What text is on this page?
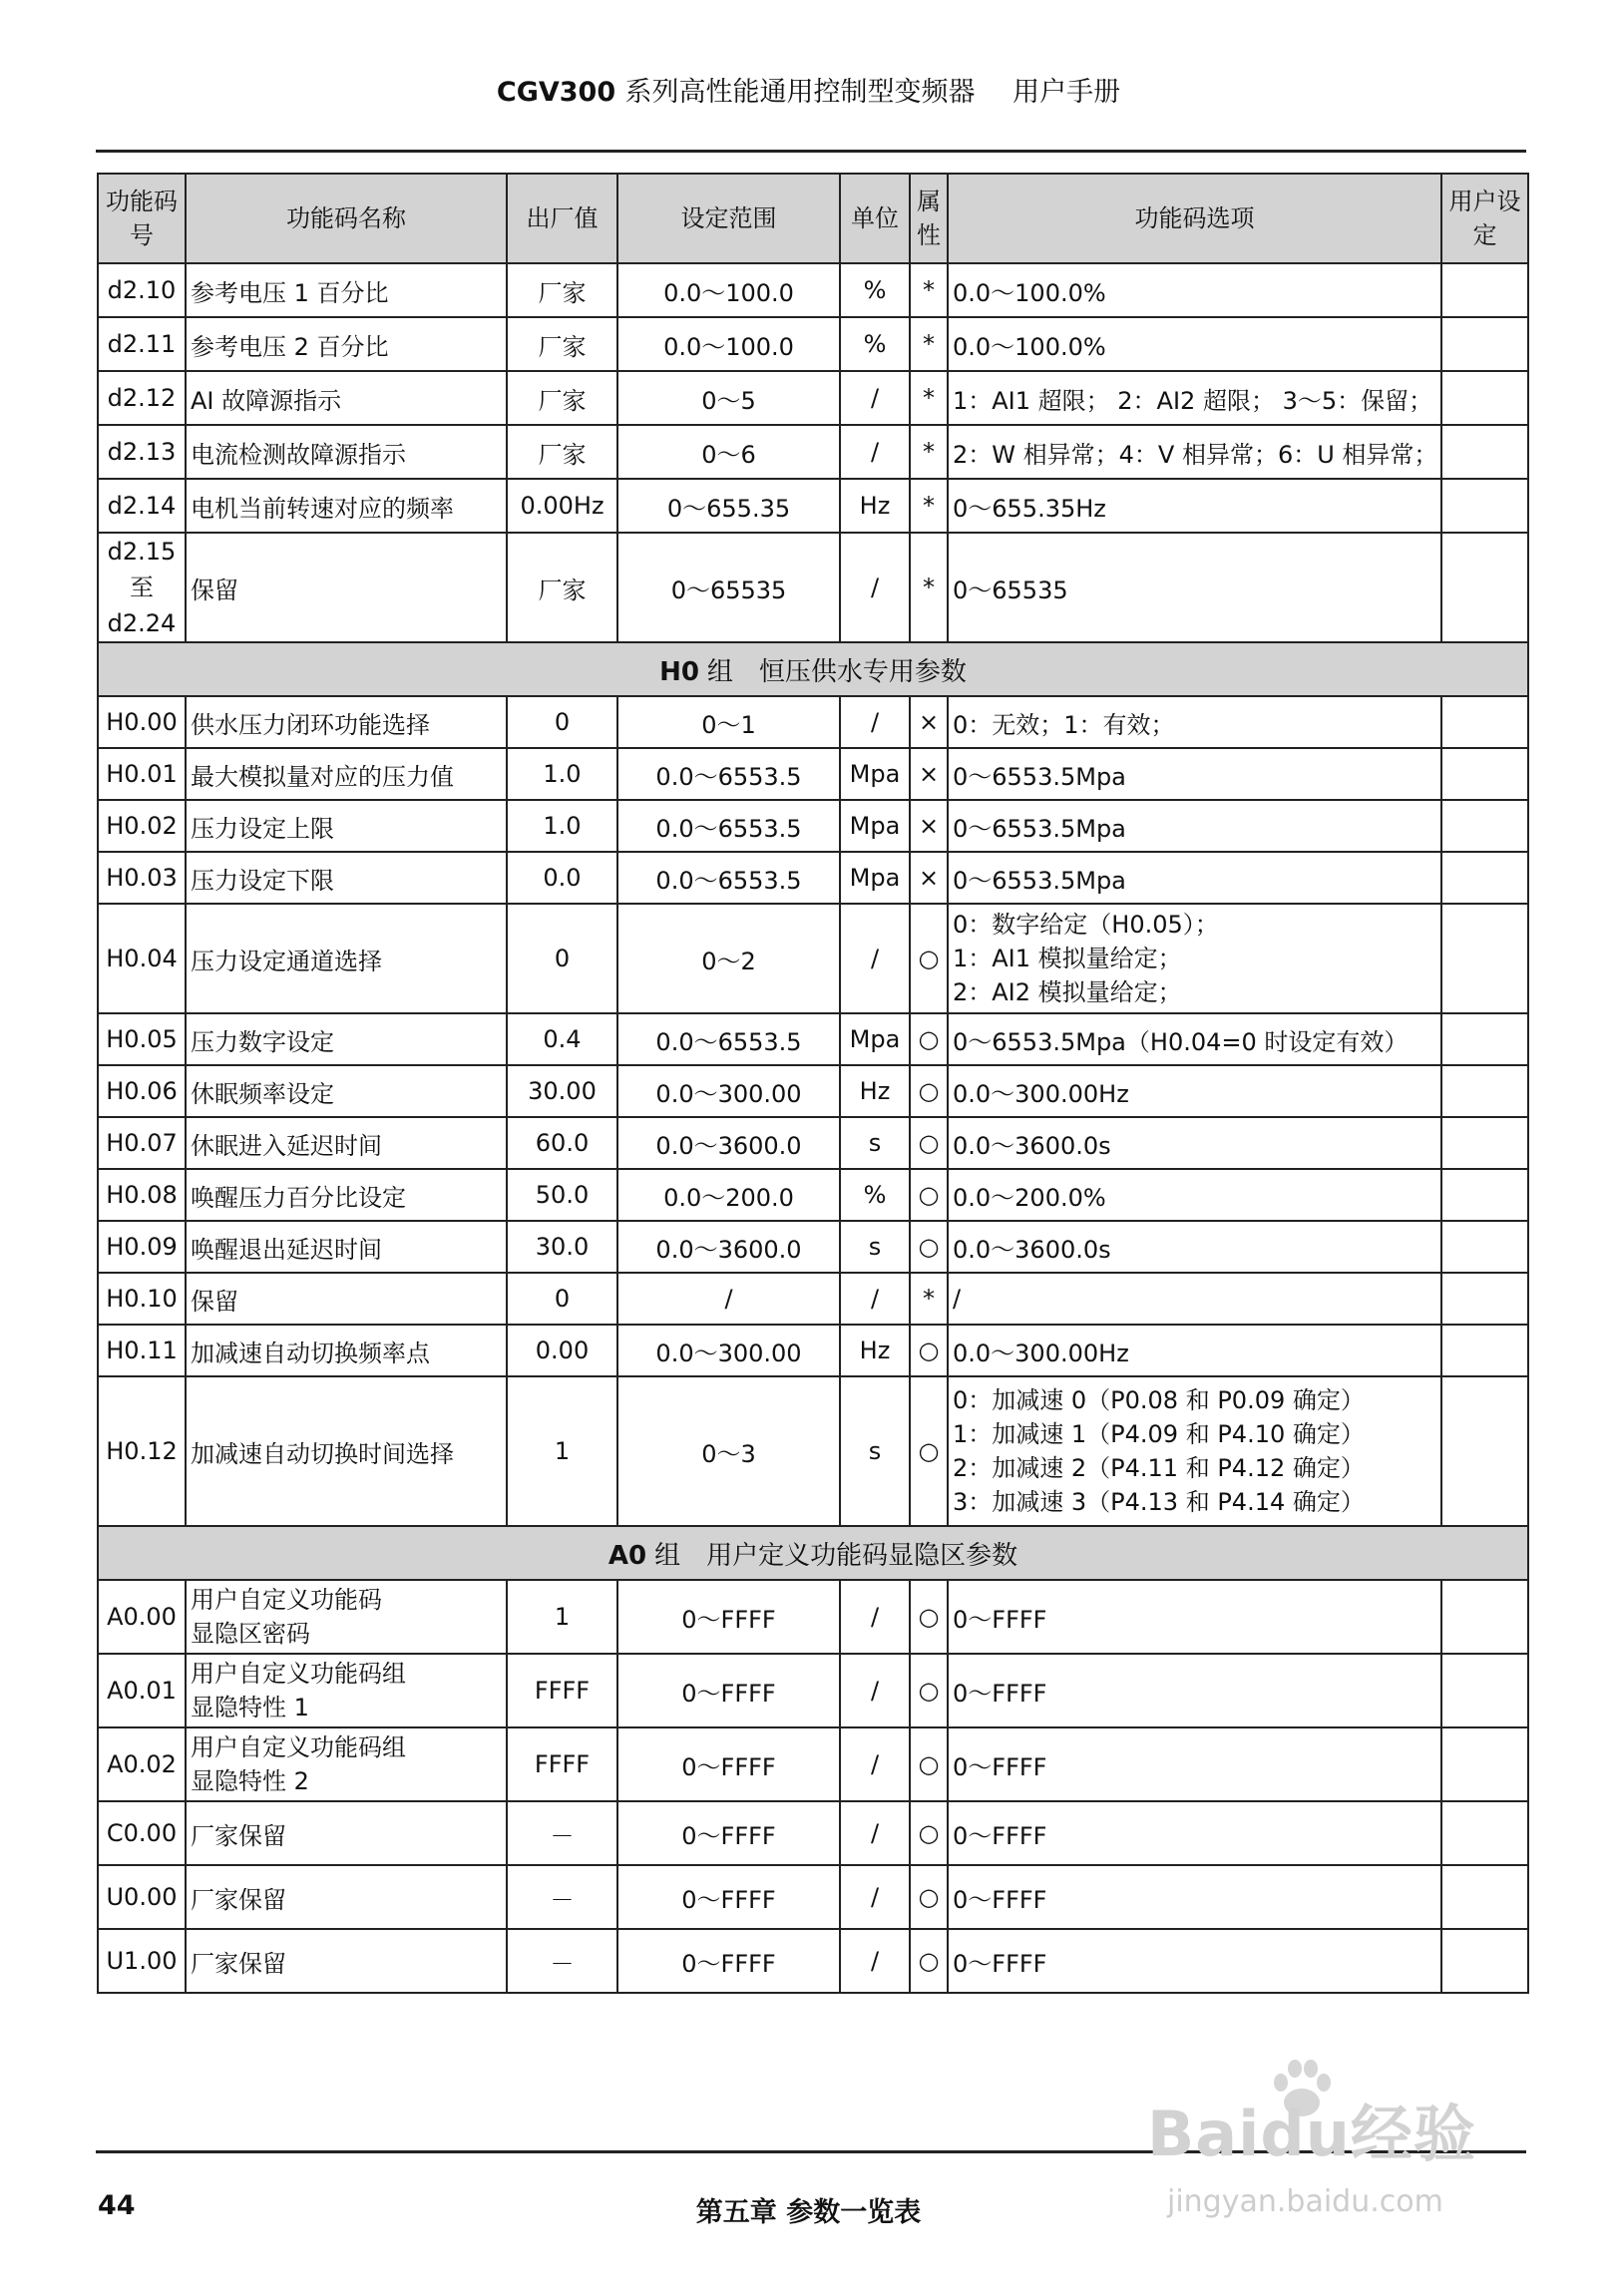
CGV300 系列高性能通用控制型变频器 用户手册
功能码号	功能码名称	出厂值	设定范围	单位	属性	功能码选项	用户设定
d2.10	参考电压 1 百分比	厂家	0.0～100.0	%	*	0.0～100.0%	
d2.11	参考电压 2 百分比	厂家	0.0～100.0	%	*	0.0～100.0%	
d2.12	AI 故障源指示	厂家	0～5	/	*	1：AI1 超限； 2：AI2 超限； 3～5：保留；	
d2.13	电流检测故障源指示	厂家	0～6	/	*	2：W 相异常；4：V 相异常；6：U 相异常；	
d2.14	电机当前转速对应的频率	0.00Hz	0～655.35	Hz	*	0～655.35Hz	

d2.15
至
d2.24	保留	厂家	0～65535	/	*	0～65535	
H0 组　恒压供水专用参数							
H0.00	供水压力闭环功能选择	0	0～1	/	×	0：无效；1：有效；	
H0.01	最大模拟量对应的压力值	1.0	0.0～6553.5	Mpa	×	0～6553.5Mpa	
H0.02	压力设定上限	1.0	0.0～6553.5	Mpa	×	0～6553.5Mpa	
H0.03	压力设定下限	0.0	0.0～6553.5	Mpa	×	0～6553.5Mpa	
H0.04	压力设定通道选择	0	0～2	/	○	0：数字给定（H0.05）；
1：AI1 模拟量给定；
2：AI2 模拟量给定；	

H0.05	压力数字设定	0.4	0.0～6553.5	Mpa	○	0～6553.5Mpa（H0.04=0 时设定有效）	
H0.06	休眠频率设定	30.00	0.0～300.00	Hz	○	0.0～300.00Hz	
H0.07	休眠进入延迟时间	60.0	0.0～3600.0	s	○	0.0～3600.0s	
H0.08	唤醒压力百分比设定	50.0	0.0～200.0	%	○	0.0～200.0%	
H0.09	唤醒退出延迟时间	30.0	0.0～3600.0	s	○	0.0～3600.0s	
H0.10	保留	0	/	/	*	/	
H0.11	加减速自动切换频率点	0.00	0.0～300.00	Hz	○	0.0～300.00Hz	
H0.12	加减速自动切换时间选择	1	0～3	s	○	0：加减速 0（P0.08 和 P0.09 确定）
1：加减速 1（P4.09 和 P4.10 确定）
2：加减速 2（P4.11 和 P4.12 确定）
3：加减速 3（P4.13 和 P4.14 确定）	

A0 组　用户定义功能码显隐区参数							
A0.00	用户自定义功能码
显隐区密码	1	0～FFFF	/	○	0～FFFF	
A0.01	用户自定义功能码组
显隐特性 1	FFFF	0～FFFF	/	○	0～FFFF	
A0.02	用户自定义功能码组
显隐特性 2	FFFF	0～FFFF	/	○	0～FFFF	
C0.00	厂家保留	－	0～FFFF	/	○	0～FFFF	
U0.00	厂家保留	－	0～FFFF	/	○	0～FFFF	
U1.00	厂家保留	－	0～FFFF	/	○	0～FFFF	
44	第五章 参数一览表
Baidu经验
jingyan.baidu.com
